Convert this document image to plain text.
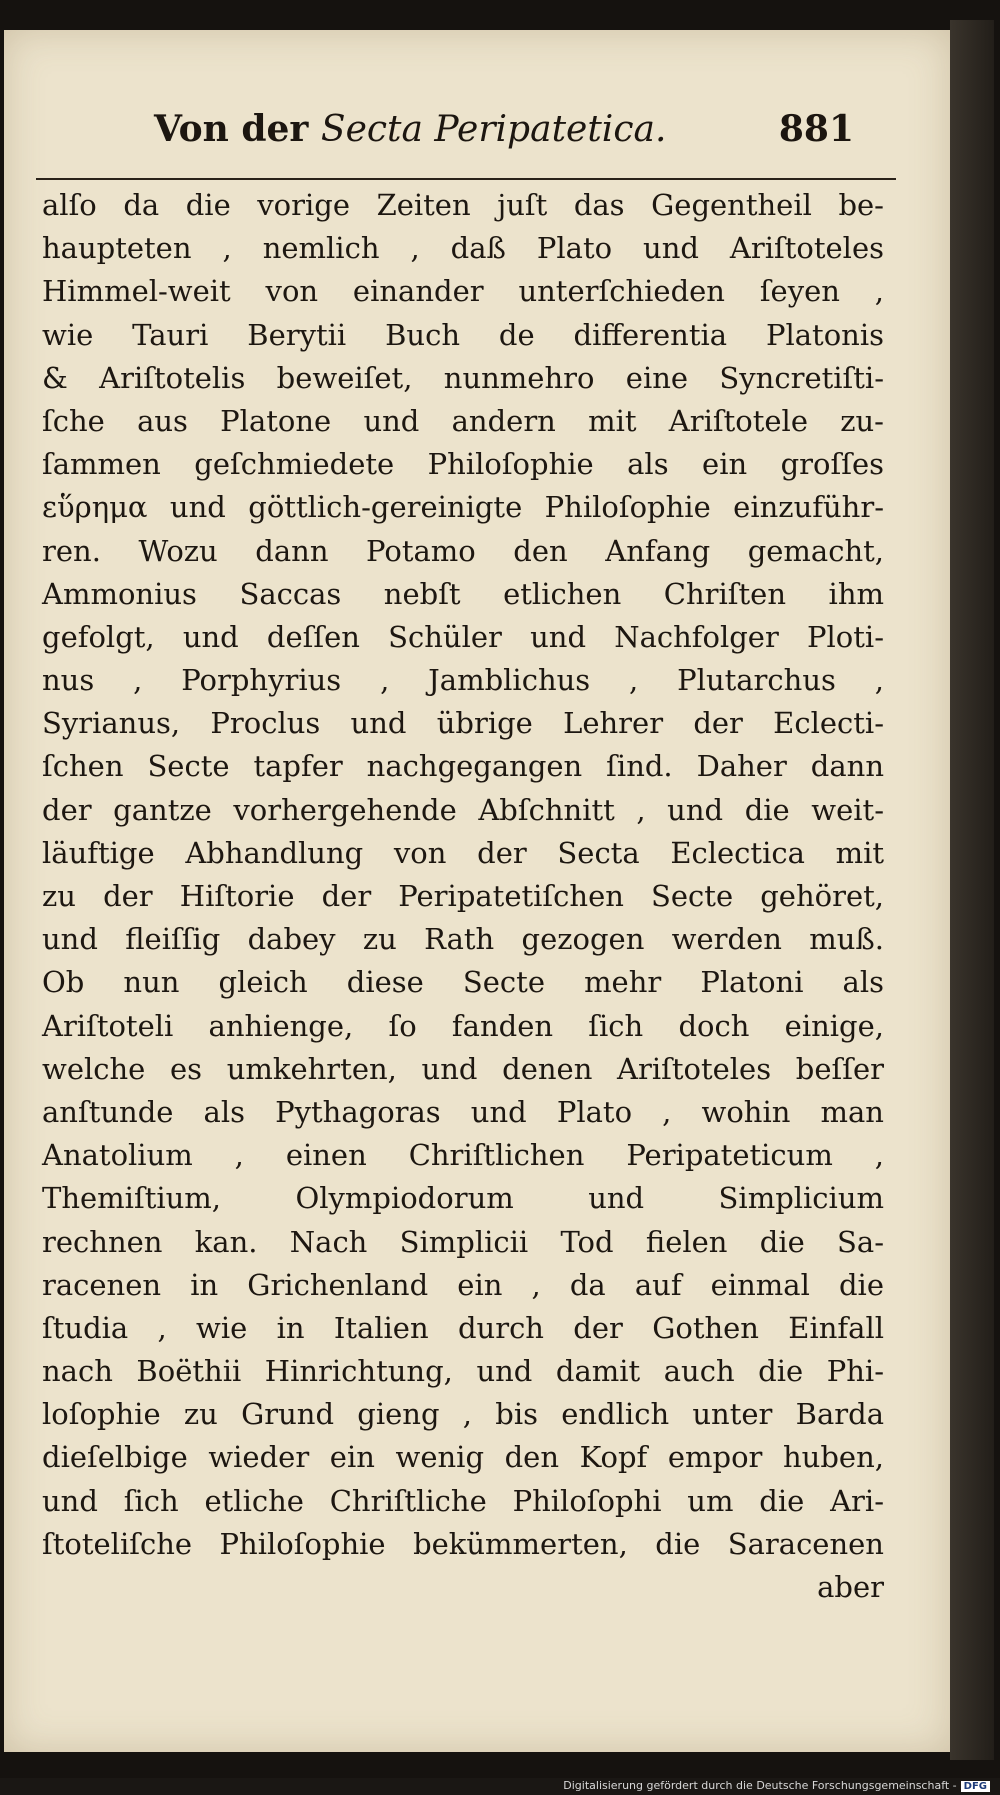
Von der Secta Peripatetica.	881
alſo da die vorige Zeiten juſt das Gegentheil be-
haupteten , nemlich , daß Plato und Ariſtoteles
Himmel-weit von einander unterſchieden ſeyen ,
wie Tauri Berytii Buch de differentia Platonis
& Ariſtotelis beweiſet, nunmehro eine Syncretiſti-
ſche aus Platone und andern mit Ariſtotele zu-
ſammen geſchmiedete Philoſophie als ein groſſes
εὕρημα und göttlich-gereinigte Philoſophie einzuführ-
ren. Wozu dann Potamo den Anfang gemacht,
Ammonius Saccas nebſt etlichen Chriſten ihm
gefolgt, und deſſen Schüler und Nachfolger Ploti-
nus , Porphyrius , Jamblichus , Plutarchus ,
Syrianus, Proclus und übrige Lehrer der Eclecti-
ſchen Secte tapfer nachgegangen ſind. Daher dann
der gantze vorhergehende Abſchnitt , und die weit-
läuftige Abhandlung von der Secta Eclectica mit
zu der Hiſtorie der Peripatetiſchen Secte gehöret,
und fleiſſig dabey zu Rath gezogen werden muß.
Ob nun gleich diese Secte mehr Platoni als
Ariſtoteli anhienge, ſo fanden ſich doch einige,
welche es umkehrten, und denen Ariſtoteles beſſer
anſtunde als Pythagoras und Plato , wohin man
Anatolium , einen Chriſtlichen Peripateticum ,
Themiſtium, Olympiodorum und Simplicium
rechnen kan. Nach Simplicii Tod fielen die Sa-
racenen in Grichenland ein , da auf einmal die
ſtudia , wie in Italien durch der Gothen Einfall
nach Boëthii Hinrichtung, und damit auch die Phi-
loſophie zu Grund gieng , bis endlich unter Barda
dieſelbige wieder ein wenig den Kopf empor huben,
und ſich etliche Chriſtliche Philoſophi um die Ari-
ſtoteliſche Philoſophie bekümmerten, die Saracenen
aber
Digitalisierung gefördert durch die Deutsche Forschungsgemeinschaft - DFG
